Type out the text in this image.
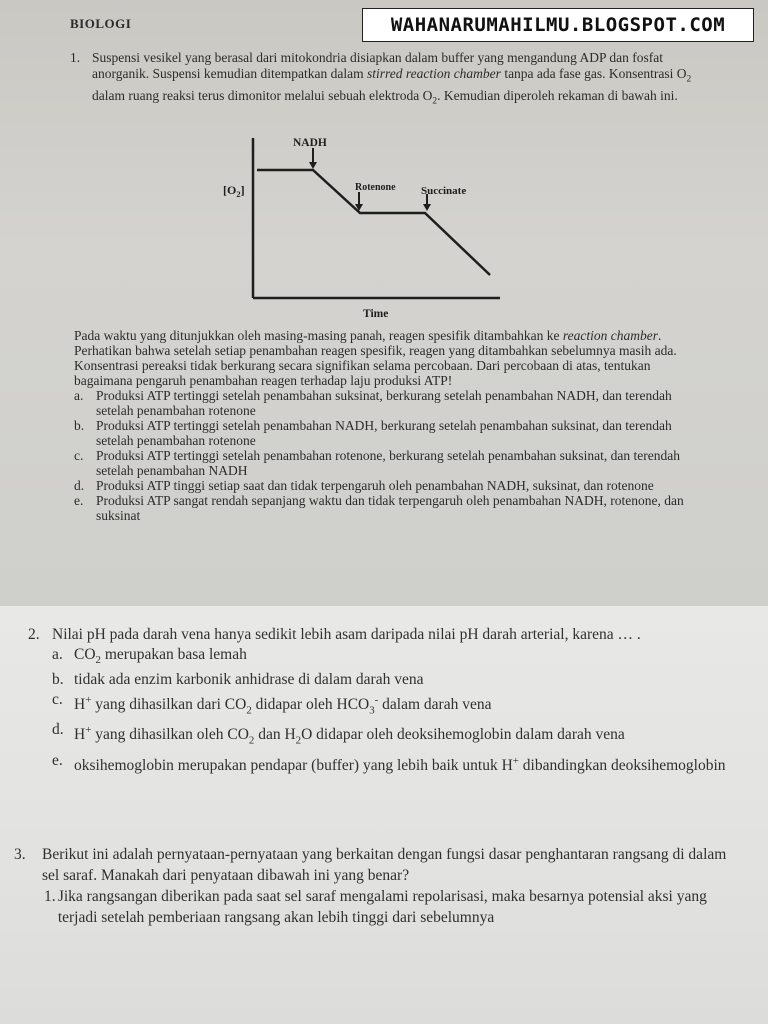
BIOLOGI	WAHANARUMAHILMU.BLOGSPOT.COM
1. Suspensi vesikel yang berasal dari mitokondria disiapkan dalam buffer yang mengandung ADP dan fosfat anorganik. Suspensi kemudian ditempatkan dalam stirred reaction chamber tanpa ada fase gas. Konsentrasi $O_2$ dalam ruang reaksi terus dimonitor melalui sebuah elektroda $O_2$. Kemudian diperoleh rekaman di bawah ini.
NADH
Rotenone Succinate
$[O_2]$
Time
Pada waktu yang ditunjukkan oleh masing-masing panah, reagen spesifik ditambahkan ke reaction chamber. Perhatikan bahwa setelah setiap penambahan reagen spesifik, reagen yang ditambahkan sebelumnya masih ada. Konsentrasi pereaksi tidak berkurang secara signifikan selama percobaan. Dari percobaan di atas, tentukan bagaimana pengaruh penambahan reagen terhadap laju produksi ATP!
a. Produksi ATP tertinggi setelah penambahan suksinat, berkurang setelah penambahan NADH, dan terendah setelah penambahan rotenone
b. Produksi ATP tertinggi setelah penambahan NADH, berkurang setelah penambahan suksinat, dan terendah setelah penambahan rotenone
c. Produksi ATP tertinggi setelah penambahan rotenone, berkurang setelah penambahan suksinat, dan terendah setelah penambahan NADH
d. Produksi ATP tinggi setiap saat dan tidak terpengaruh oleh penambahan NADH, suksinat, dan rotenone
e. Produksi ATP sangat rendah sepanjang waktu dan tidak terpengaruh oleh penambahan NADH, rotenone, dan suksinat
2. Nilai pH pada darah vena hanya sedikit lebih asam daripada nilai pH darah arterial, karena … .
a. $CO_2$ merupakan basa lemah
b. tidak ada enzim karbonik anhidrase di dalam darah vena
c. H+ yang dihasilkan dari $CO_2$ didapar oleh $HCO_3^-$ dalam darah vena
d. H+ yang dihasilkan oleh $CO_2$ dan $H_2O$ didapar oleh deoksihemoglobin dalam darah vena
e. oksihemoglobin merupakan pendapar (buffer) yang lebih baik untuk H+ dibandingkan deoksihemoglobin
3.	Berikut ini adalah pernyataan-pernyataan yang berkaitan dengan fungsi dasar penghantaran rangsang di dalam sel saraf. Manakah dari penyataan dibawah ini yang benar?
1. Jika rangsangan diberikan pada saat sel saraf mengalami repolarisasi, maka besarnya potensial aksi yang terjadi setelah pemberiaan rangsang akan lebih tinggi dari sebelumnya
